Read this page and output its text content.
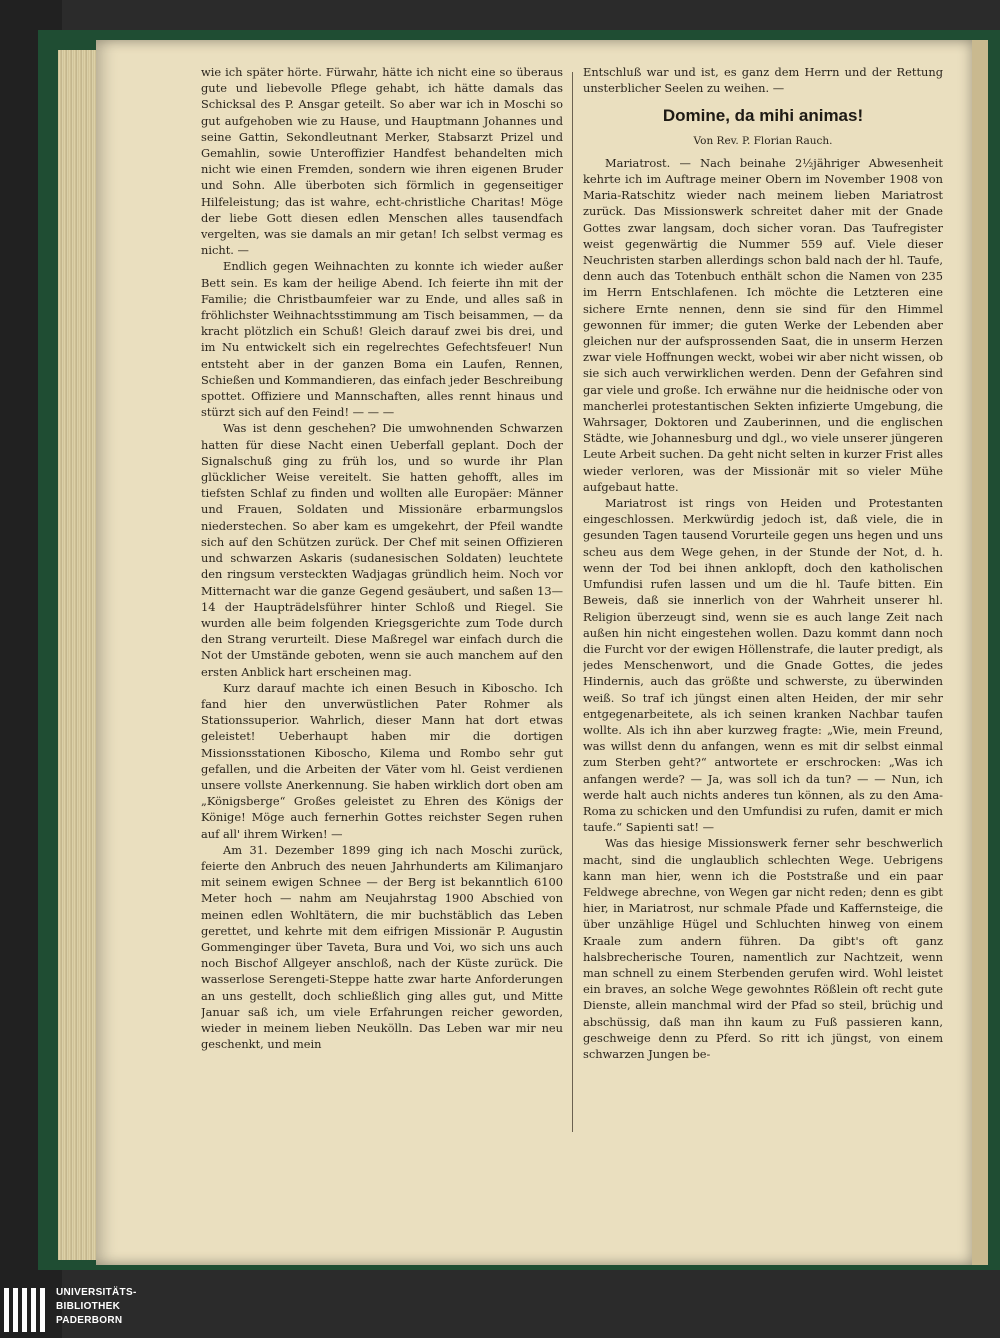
wie ich später hörte. Fürwahr, hätte ich nicht eine so überaus gute und liebevolle Pflege gehabt, ich hätte damals das Schicksal des P. Ansgar geteilt. So aber war ich in Moschi so gut aufgehoben wie zu Hause, und Hauptmann Johannes und seine Gattin, Sekondleutnant Merker, Stabsarzt Prizel und Gemahlin, sowie Unteroffizier Handfest behandelten mich nicht wie einen Fremden, sondern wie ihren eigenen Bruder und Sohn. Alle überboten sich förmlich in gegenseitiger Hilfeleistung; das ist wahre, echt-christliche Charitas! Möge der liebe Gott diesen edlen Menschen alles tausendfach vergelten, was sie damals an mir getan! Ich selbst vermag es nicht. —

Endlich gegen Weihnachten zu konnte ich wieder außer Bett sein. Es kam der heilige Abend. Ich feierte ihn mit der Familie; die Christbaumfeier war zu Ende, und alles saß in fröhlichster Weihnachtsstimmung am Tisch beisammen, — da kracht plötzlich ein Schuß! Gleich darauf zwei bis drei, und im Nu entwickelt sich ein regelrechtes Gefechtsfeuer! Nun entsteht aber in der ganzen Boma ein Laufen, Rennen, Schießen und Kommandieren, das einfach jeder Beschreibung spottet. Offiziere und Mannschaften, alles rennt hinaus und stürzt sich auf den Feind! — — —

Was ist denn geschehen? Die umwohnenden Schwarzen hatten für diese Nacht einen Ueberfall geplant. Doch der Signalschuß ging zu früh los, und so wurde ihr Plan glücklicher Weise vereitelt. Sie hatten gehofft, alles im tiefsten Schlaf zu finden und wollten alle Europäer: Männer und Frauen, Soldaten und Missionäre erbarmungslos niederstechen. So aber kam es umgekehrt, der Pfeil wandte sich auf den Schützen zurück. Der Chef mit seinen Offizieren und schwarzen Askaris (sudanesischen Soldaten) leuchtete den ringsum versteckten Wadjagas gründlich heim. Noch vor Mitternacht war die ganze Gegend gesäubert, und saßen 13—14 der Haupträdelsführer hinter Schloß und Riegel. Sie wurden alle beim folgenden Kriegsgerichte zum Tode durch den Strang verurteilt. Diese Maßregel war einfach durch die Not der Umstände geboten, wenn sie auch manchem auf den ersten Anblick hart erscheinen mag.

Kurz darauf machte ich einen Besuch in Kiboscho. Ich fand hier den unverwüstlichen Pater Rohmer als Stationssuperior. Wahrlich, dieser Mann hat dort etwas geleistet! Ueberhaupt haben mir die dortigen Missionsstationen Kiboscho, Kilema und Rombo sehr gut gefallen, und die Arbeiten der Väter vom hl. Geist verdienen unsere vollste Anerkennung. Sie haben wirklich dort oben am „Königsberge“ Großes geleistet zu Ehren des Königs der Könige! Möge auch fernerhin Gottes reichster Segen ruhen auf all' ihrem Wirken! —

Am 31. Dezember 1899 ging ich nach Moschi zurück, feierte den Anbruch des neuen Jahrhunderts am Kilimanjaro mit seinem ewigen Schnee — der Berg ist bekanntlich 6100 Meter hoch — nahm am Neujahrstag 1900 Abschied von meinen edlen Wohltätern, die mir buchstäblich das Leben gerettet, und kehrte mit dem eifrigen Missionär P. Augustin Gommenginger über Taveta, Bura und Voi, wo sich uns auch noch Bischof Allgeyer anschloß, nach der Küste zurück. Die wasserlose Serengeti-Steppe hatte zwar harte Anforderungen an uns gestellt, doch schließlich ging alles gut, und Mitte Januar saß ich, um viele Erfahrungen reicher geworden, wieder in meinem lieben Neukölln. Das Leben war mir neu geschenkt, und mein

Entschluß war und ist, es ganz dem Herrn und der Rettung unsterblicher Seelen zu weihen. —

Domine, da mihi animas!
Von Rev. P. Florian Rauch.

Mariatrost. — Nach beinahe 2½jähriger Abwesenheit kehrte ich im Auftrage meiner Obern im November 1908 von Maria-Ratschitz wieder nach meinem lieben Mariatrost zurück. Das Missionswerk schreitet daher mit der Gnade Gottes zwar langsam, doch sicher voran. Das Taufregister weist gegenwärtig die Nummer 559 auf. Viele dieser Neuchristen starben allerdings schon bald nach der hl. Taufe, denn auch das Totenbuch enthält schon die Namen von 235 im Herrn Entschlafenen. Ich möchte die Letzteren eine sichere Ernte nennen, denn sie sind für den Himmel gewonnen für immer; die guten Werke der Lebenden aber gleichen nur der aufsprossenden Saat, die in unserm Herzen zwar viele Hoffnungen weckt, wobei wir aber nicht wissen, ob sie sich auch verwirklichen werden. Denn der Gefahren sind gar viele und große. Ich erwähne nur die heidnische oder von mancherlei protestantischen Sekten infizierte Umgebung, die Wahrsager, Doktoren und Zauberinnen, und die englischen Städte, wie Johannesburg und dgl., wo viele unserer jüngeren Leute Arbeit suchen. Da geht nicht selten in kurzer Frist alles wieder verloren, was der Missionär mit so vieler Mühe aufgebaut hatte.

Mariatrost ist rings von Heiden und Protestanten eingeschlossen. Merkwürdig jedoch ist, daß viele, die in gesunden Tagen tausend Vorurteile gegen uns hegen und uns scheu aus dem Wege gehen, in der Stunde der Not, d. h. wenn der Tod bei ihnen anklopft, doch den katholischen Umfundisi rufen lassen und um die hl. Taufe bitten. Ein Beweis, daß sie innerlich von der Wahrheit unserer hl. Religion überzeugt sind, wenn sie es auch lange Zeit nach außen hin nicht eingestehen wollen. Dazu kommt dann noch die Furcht vor der ewigen Höllenstrafe, die lauter predigt, als jedes Menschenwort, und die Gnade Gottes, die jedes Hindernis, auch das größte und schwerste, zu überwinden weiß. So traf ich jüngst einen alten Heiden, der mir sehr entgegenarbeitete, als ich seinen kranken Nachbar taufen wollte. Als ich ihn aber kurzweg fragte: „Wie, mein Freund, was willst denn du anfangen, wenn es mit dir selbst einmal zum Sterben geht?“ antwortete er erschrocken: „Was ich anfangen werde? — Ja, was soll ich da tun? — — Nun, ich werde halt auch nichts anderes tun können, als zu den Ama-Roma zu schicken und den Umfundisi zu rufen, damit er mich taufe.“ Sapienti sat! —

Was das hiesige Missionswerk ferner sehr beschwerlich macht, sind die unglaublich schlechten Wege. Uebrigens kann man hier, wenn ich die Poststraße und ein paar Feldwege abrechne, von Wegen gar nicht reden; denn es gibt hier, in Mariatrost, nur schmale Pfade und Kaffernsteige, die über unzählige Hügel und Schluchten hinweg von einem Kraale zum andern führen. Da gibt's oft ganz halsbrecherische Touren, namentlich zur Nachtzeit, wenn man schnell zu einem Sterbenden gerufen wird. Wohl leistet ein braves, an solche Wege gewohntes Rößlein oft recht gute Dienste, allein manchmal wird der Pfad so steil, brüchig und abschüssig, daß man ihn kaum zu Fuß passieren kann, geschweige denn zu Pferd. So ritt ich jüngst, von einem schwarzen Jungen be-

UNIVERSITÄTS-
BIBLIOTHEK
PADERBORN
